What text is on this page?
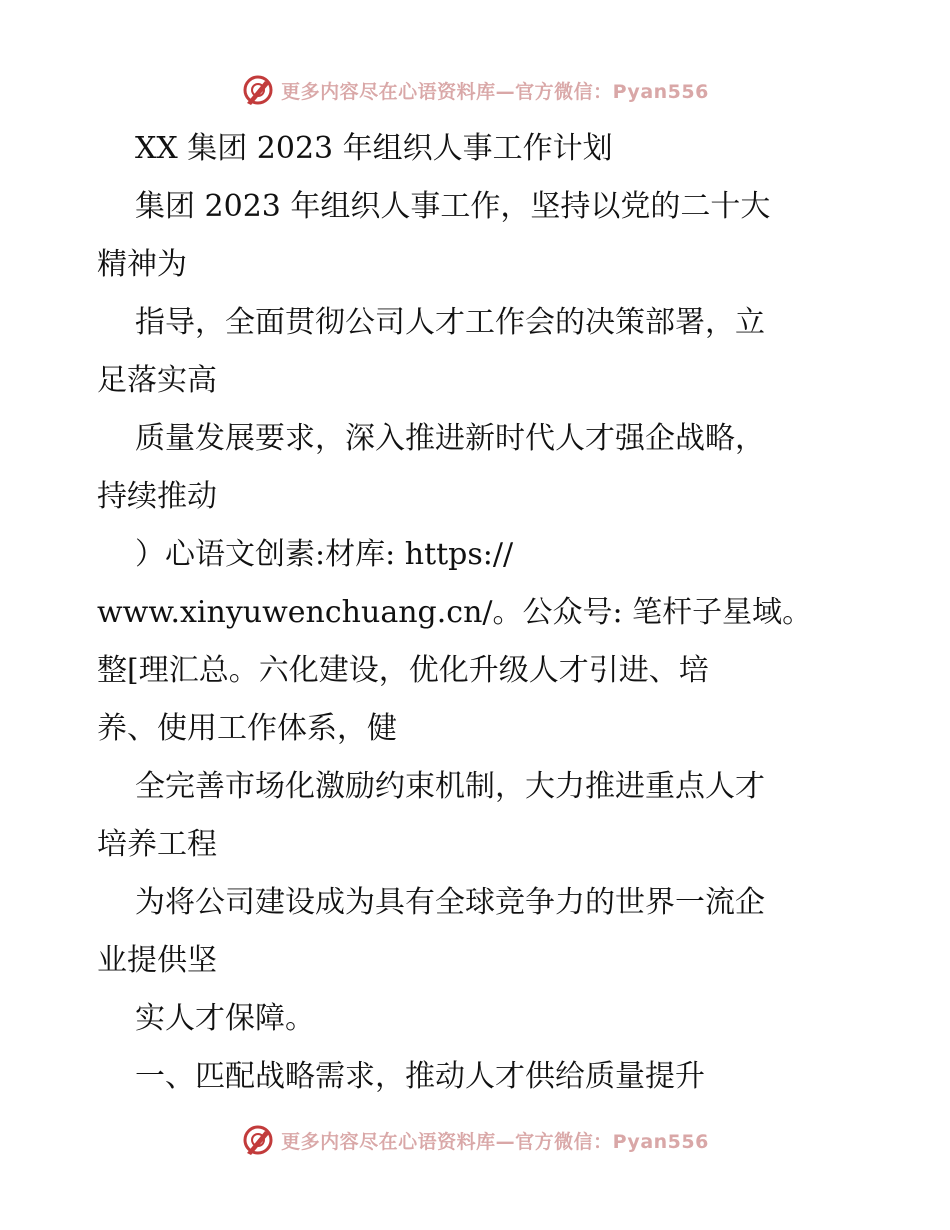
更多内容尽在心语资料库—官方微信：Pyan556
XX 集团 2023 年组织人事工作计划
集团 2023 年组织人事工作，坚持以党的二十大
精神为
指导，全面贯彻公司人才工作会的决策部署，立
足落实高
质量发展要求，深入推进新时代人才强企战略，
持续推动
）心语文创素:材库: https://
www.xinyuwenchuang.cn/。公众号: 笔杆子星域。
整[理汇总。六化建设，优化升级人才引进、培
养、使用工作体系，健
全完善市场化激励约束机制，大力推进重点人才
培养工程
为将公司建设成为具有全球竞争力的世界一流企
业提供坚
实人才保障。
一、匹配战略需求，推动人才供给质量提升
更多内容尽在心语资料库—官方微信：Pyan556
